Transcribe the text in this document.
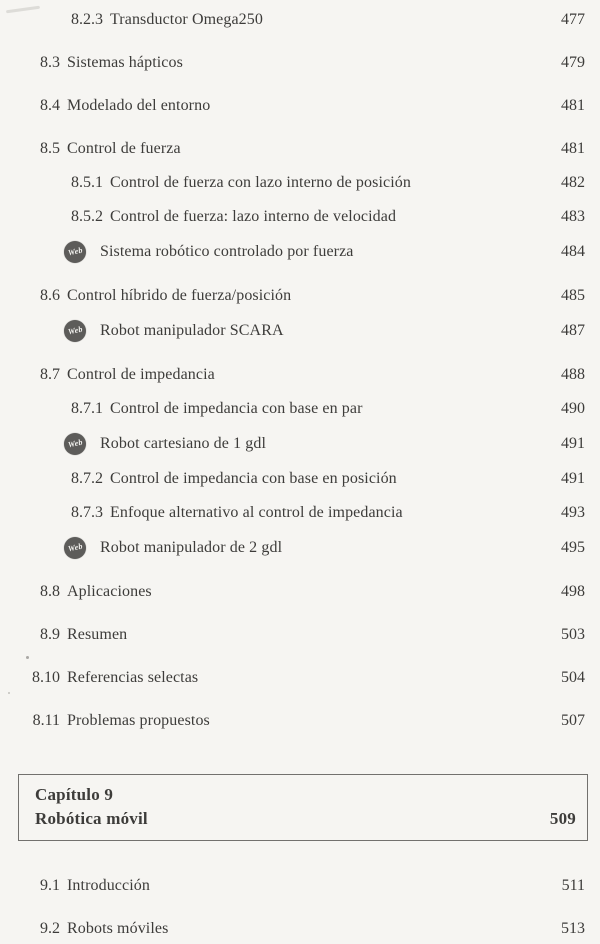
8.2.3 Transductor Omega250	477
8.3 Sistemas hápticos	479
8.4 Modelado del entorno	481
8.5 Control de fuerza	481
8.5.1 Control de fuerza con lazo interno de posición	482
8.5.2 Control de fuerza: lazo interno de velocidad	483
Web Sistema robótico controlado por fuerza	484
8.6 Control híbrido de fuerza/posición	485
Web Robot manipulador SCARA	487
8.7 Control de impedancia	488
8.7.1 Control de impedancia con base en par	490
Web Robot cartesiano de 1 gdl	491
8.7.2 Control de impedancia con base en posición	491
8.7.3 Enfoque alternativo al control de impedancia	493
Web Robot manipulador de 2 gdl	495
8.8 Aplicaciones	498
8.9 Resumen	503
8.10 Referencias selectas	504
8.11 Problemas propuestos	507
Capítulo 9
Robótica móvil	509
9.1 Introducción	511
9.2 Robots móviles	513
